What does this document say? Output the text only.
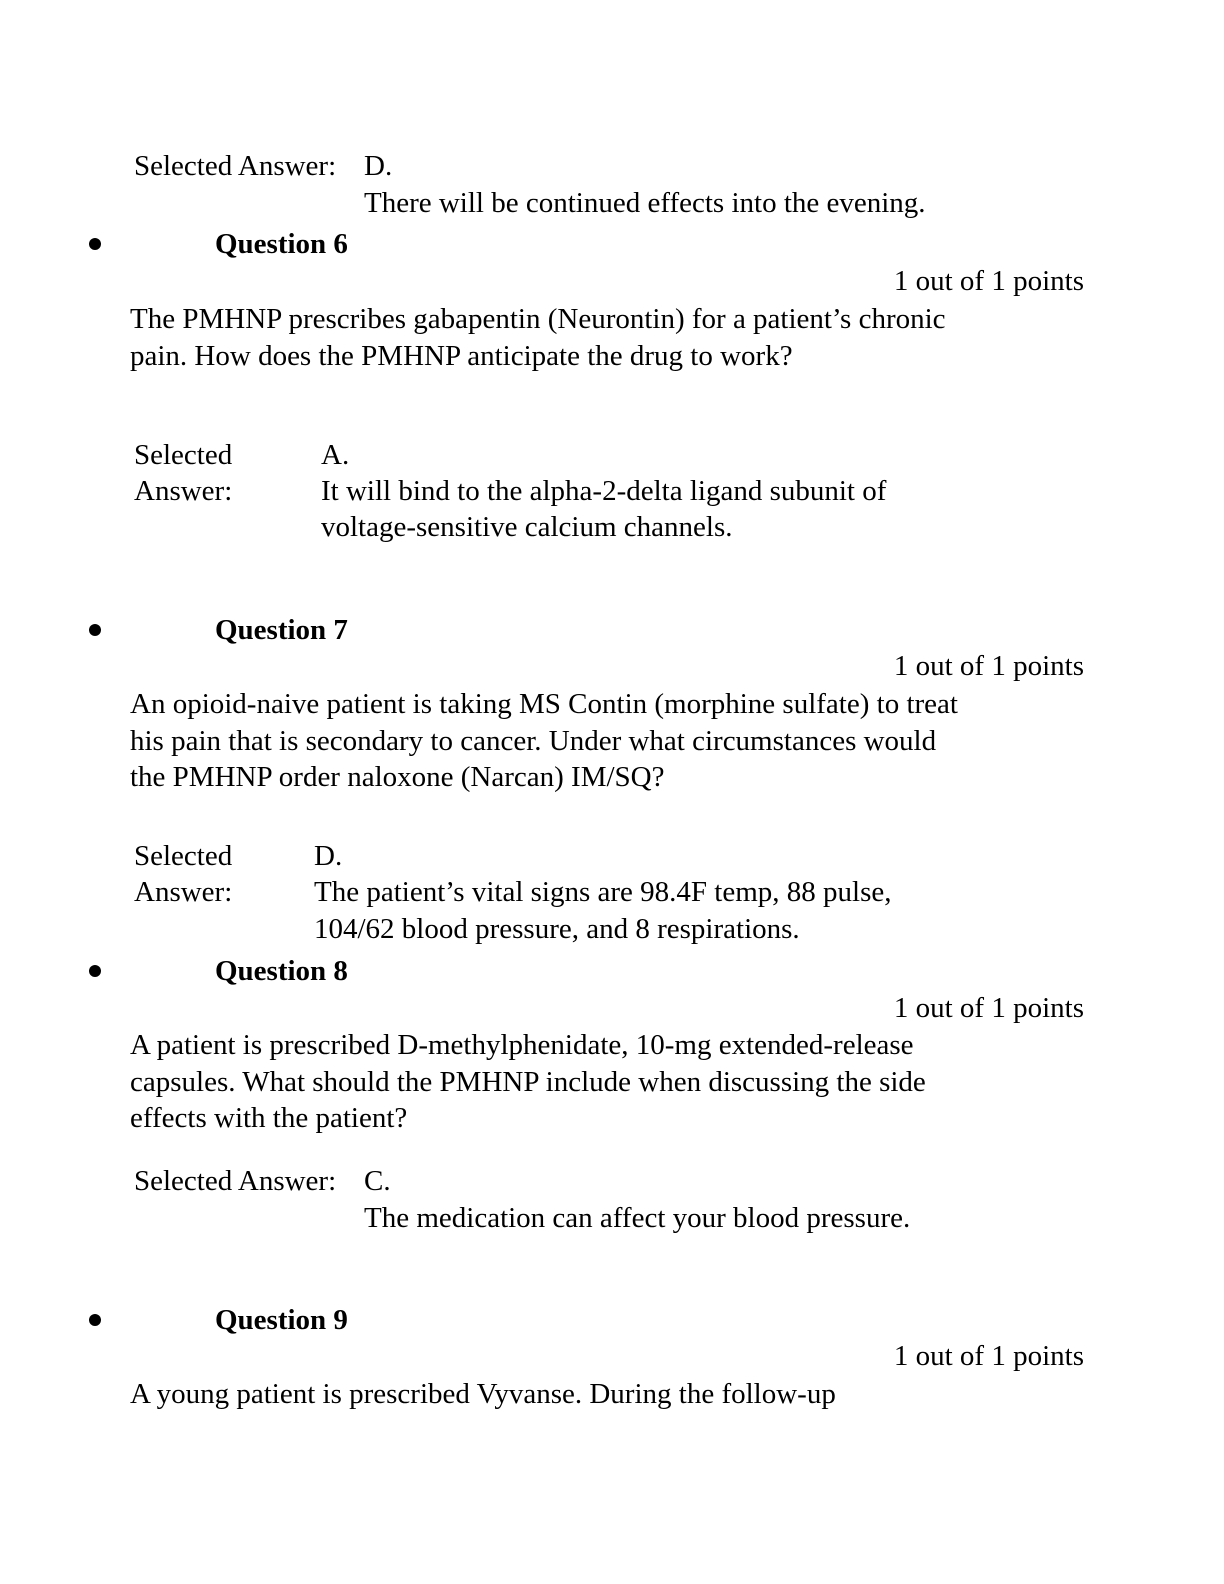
Selected Answer: D.
There will be continued effects into the evening.
Question 6
1 out of 1 points
The PMHNP prescribes gabapentin (Neurontin) for a patient’s chronic
pain. How does the PMHNP anticipate the drug to work?
Selected
Answer:
A.
It will bind to the alpha-2-delta ligand subunit of
voltage-sensitive calcium channels.
Question 7
1 out of 1 points
An opioid-naive patient is taking MS Contin (morphine sulfate) to treat
his pain that is secondary to cancer. Under what circumstances would
the PMHNP order naloxone (Narcan) IM/SQ?
Selected
Answer:
D.
The patient’s vital signs are 98.4F temp, 88 pulse,
104/62 blood pressure, and 8 respirations.
Question 8
1 out of 1 points
A patient is prescribed D-methylphenidate, 10-mg extended-release
capsules. What should the PMHNP include when discussing the side
effects with the patient?
Selected Answer: C.
The medication can affect your blood pressure.
Question 9
1 out of 1 points
A young patient is prescribed Vyvanse. During the follow-up
